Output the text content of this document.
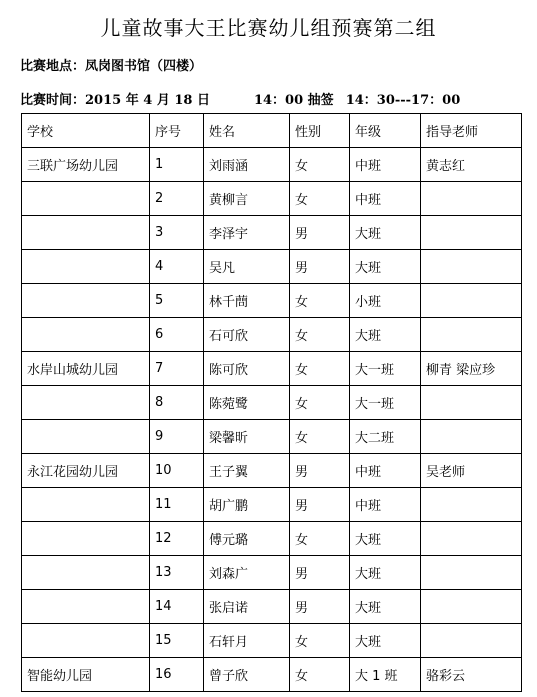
儿童故事大王比赛幼儿组预赛第二组
比赛地点：凤岗图书馆（四楼）
比赛时间：2015 年 4 月 18 日	14：00 抽签 14：30---17：00
学校	序号	姓名	性别	年级	指导老师
三联广场幼儿园	1	刘雨涵	女	中班	黄志红
	2	黄柳言	女	中班	
	3	李泽宇	男	大班	
	4	吴凡	男	大班	
	5	林千蔄	女	小班	
	6	石可欣	女	大班	
水岸山城幼儿园	7	陈可欣	女	大一班	柳青 梁应珍
	8	陈菀鹭	女	大一班	
	9	梁馨昕	女	大二班	
永江花园幼儿园	10	王子翼	男	中班	吴老师
	11	胡广鹏	男	中班	
	12	傅元璐	女	大班	
	13	刘森广	男	大班	
	14	张启诺	男	大班	
	15	石轩月	女	大班	
智能幼儿园	16	曾子欣	女	大 1 班	骆彩云
